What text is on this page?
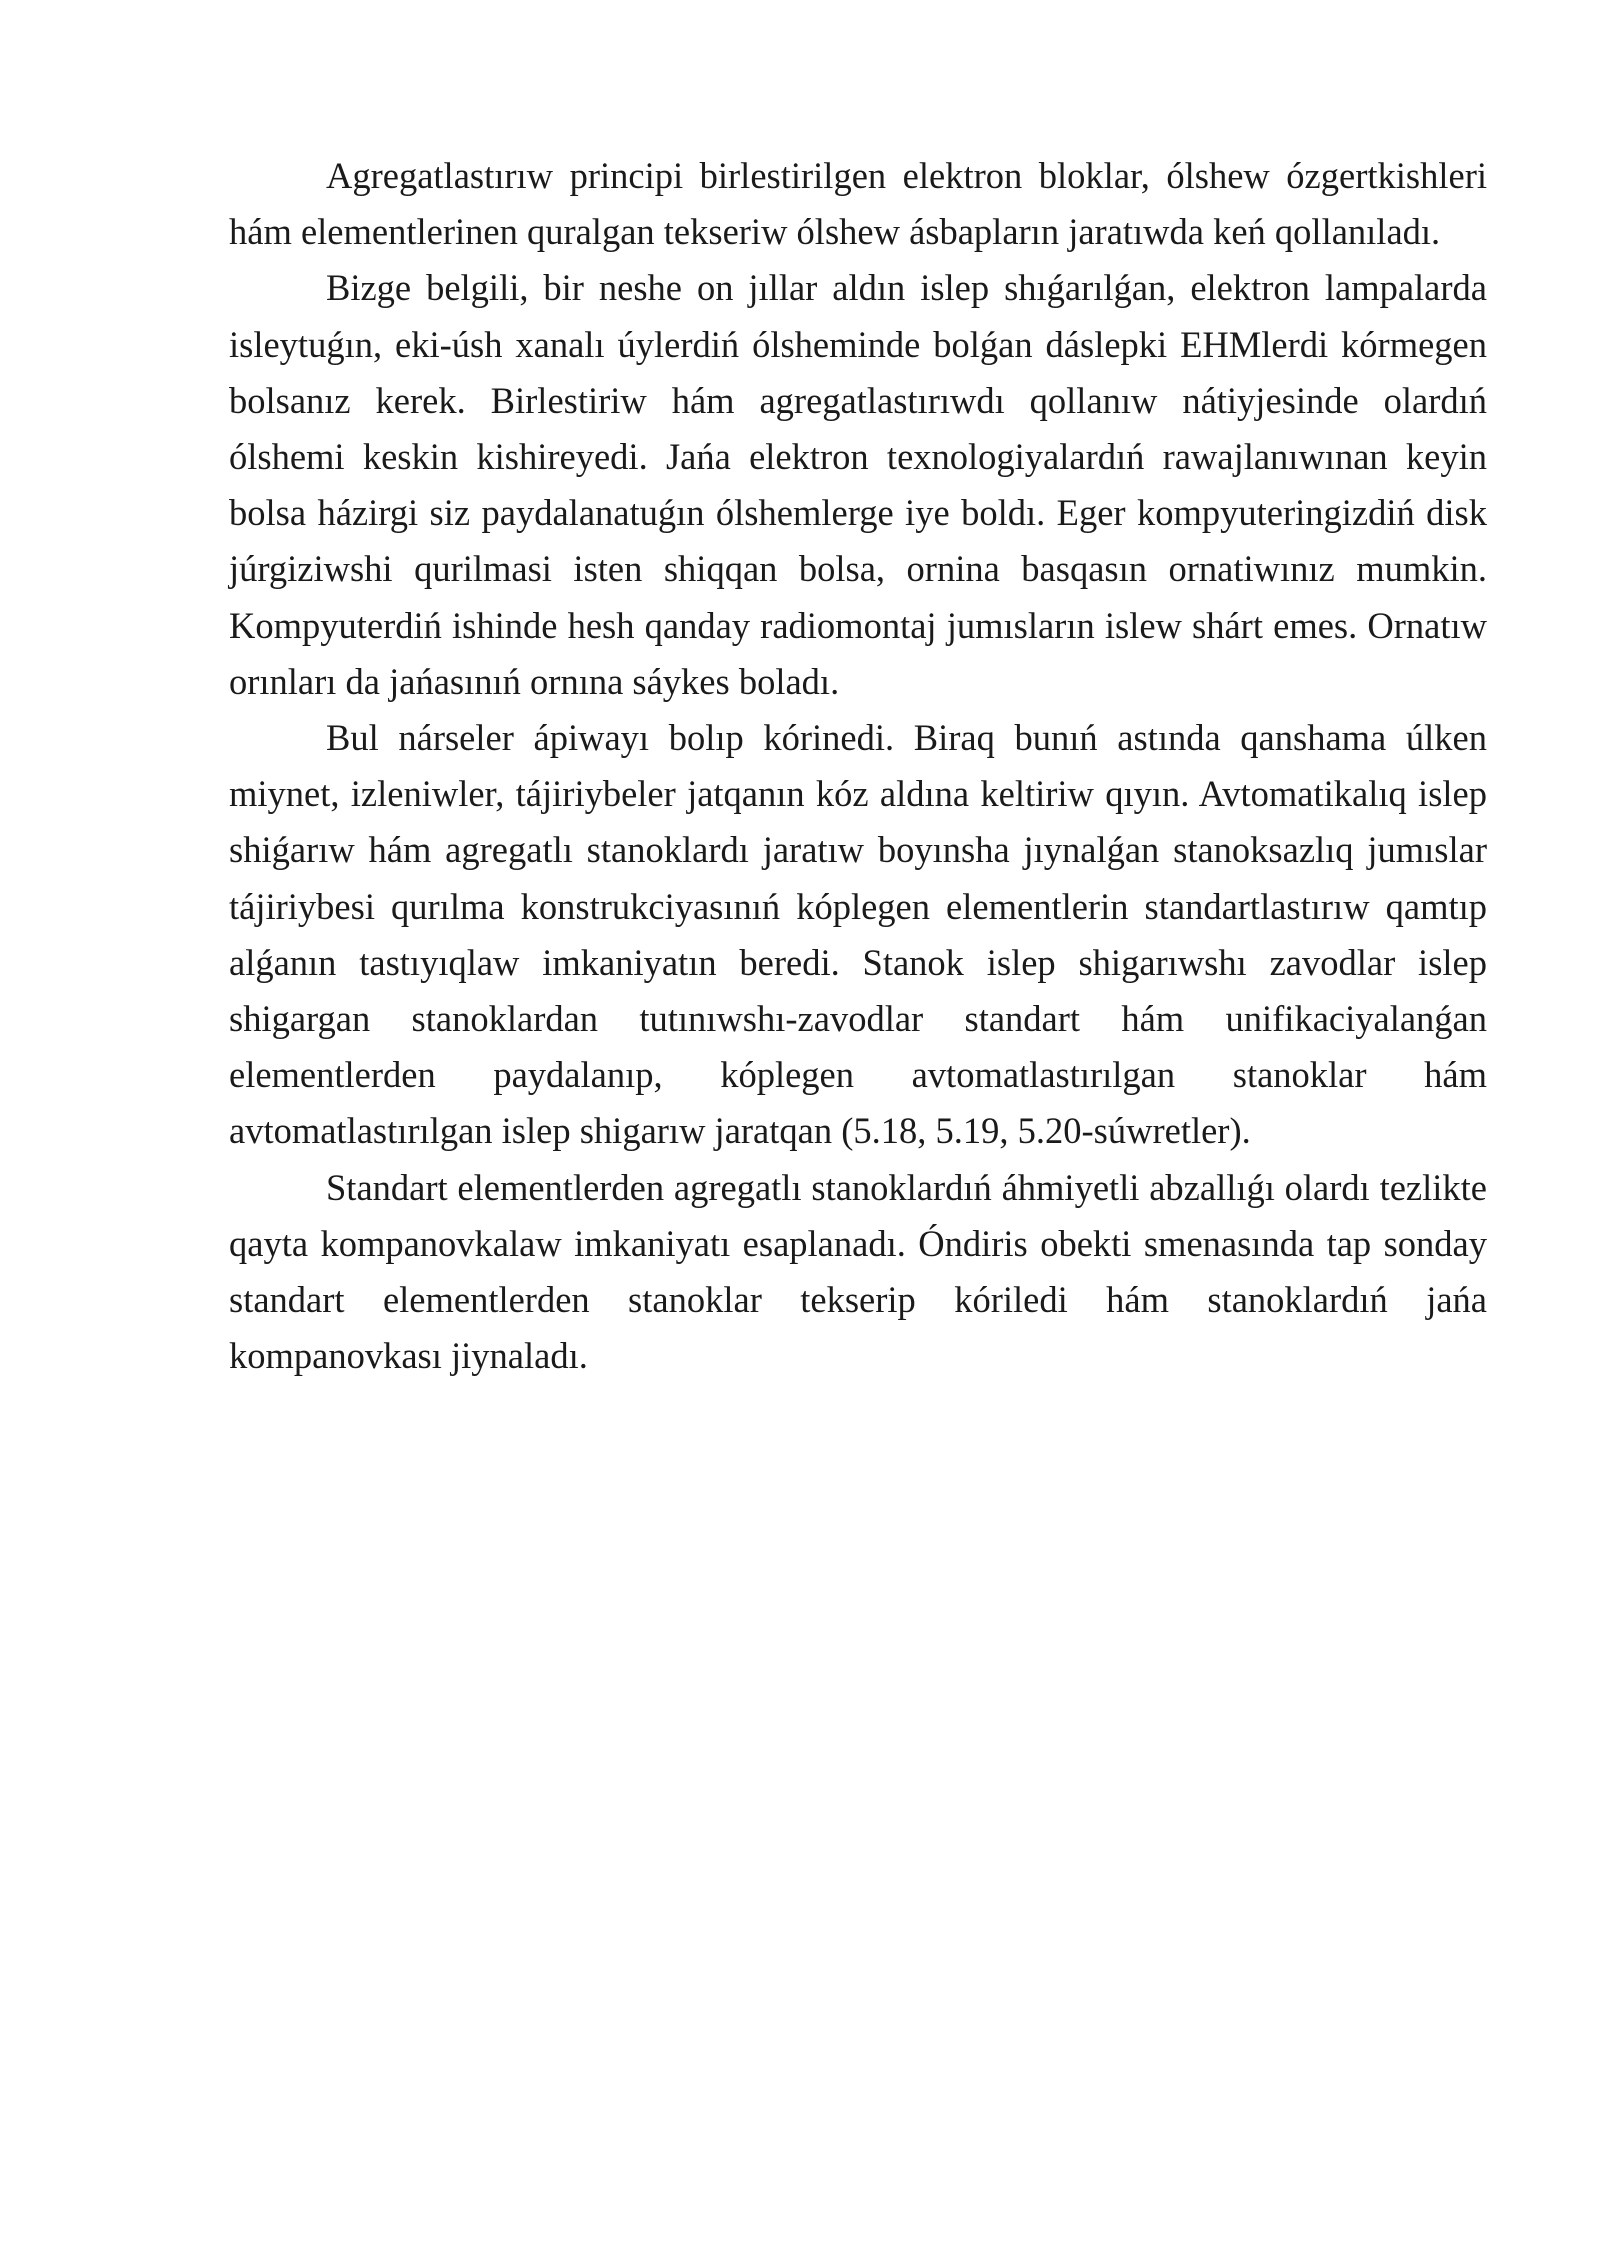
Agregatlastırıw principi birlestirilgen elektron bloklar, ólshew ózgertkishleri hám elementlerinen quralgan tekseriw ólshew ásbapların jaratıwda keń qollanıladı.

Bizge belgili, bir neshe on jıllar aldın islep shıǵarılǵan, elektron lampalarda isleytuǵın, eki-úsh xanalı úylerdiń ólsheminde bolǵan dáslepki EHMlerdi kórmegen bolsanız kerek. Birlestiriw hám agregatlastırıwdı qollanıw nátiyjesinde olardıń ólshemi keskin kishireyedi. Jańa elektron texnologiyalardıń rawajlanıwınan keyin bolsa házirgi siz paydalanatuǵın ólshemlerge iye boldı. Eger kompyuteringizdiń disk júrgiziwshi qurilmasi isten shiqqan bolsa, ornina basqasın ornatiwınız mumkin. Kompyuterdiń ishinde hesh qanday radiomontaj jumısların islew shárt emes. Ornatıw orınları da jańasınıń ornına sáykes boladı.

Bul nárseler ápiwayı bolıp kórinedi. Biraq bunıń astında qanshama úlken miynet, izleniwler, tájiriybeler jatqanın kóz aldına keltiriw qıyın. Avtomatikalıq islep shiǵarıw hám agregatlı stanoklardı jaratıw boyınsha jıynalǵan stanoksazlıq jumıslar tájiriybesi qurılma konstrukciyasınıń kóplegen elementlerin standartlastırıw qamtıp alǵanın tastıyıqlaw imkaniyatın beredi. Stanok islep shigarıwshı zavodlar islep shigargan stanoklardan tutınıwshı-zavodlar standart hám unifikaciyalanǵan elementlerden paydalanıp, kóplegen avtomatlastırılgan stanoklar hám avtomatlastırılgan islep shigarıw jaratqan (5.18, 5.19, 5.20-súwretler).

Standart elementlerden agregatlı stanoklardıń áhmiyetli abzallıǵı olardı tezlikte qayta kompanovkalaw imkaniyatı esaplanadı. Óndiris obekti smenasında tap sonday standart elementlerden stanoklar tekserip kóriledi hám stanoklardıń jańa kompanovkası jiynaladı.
